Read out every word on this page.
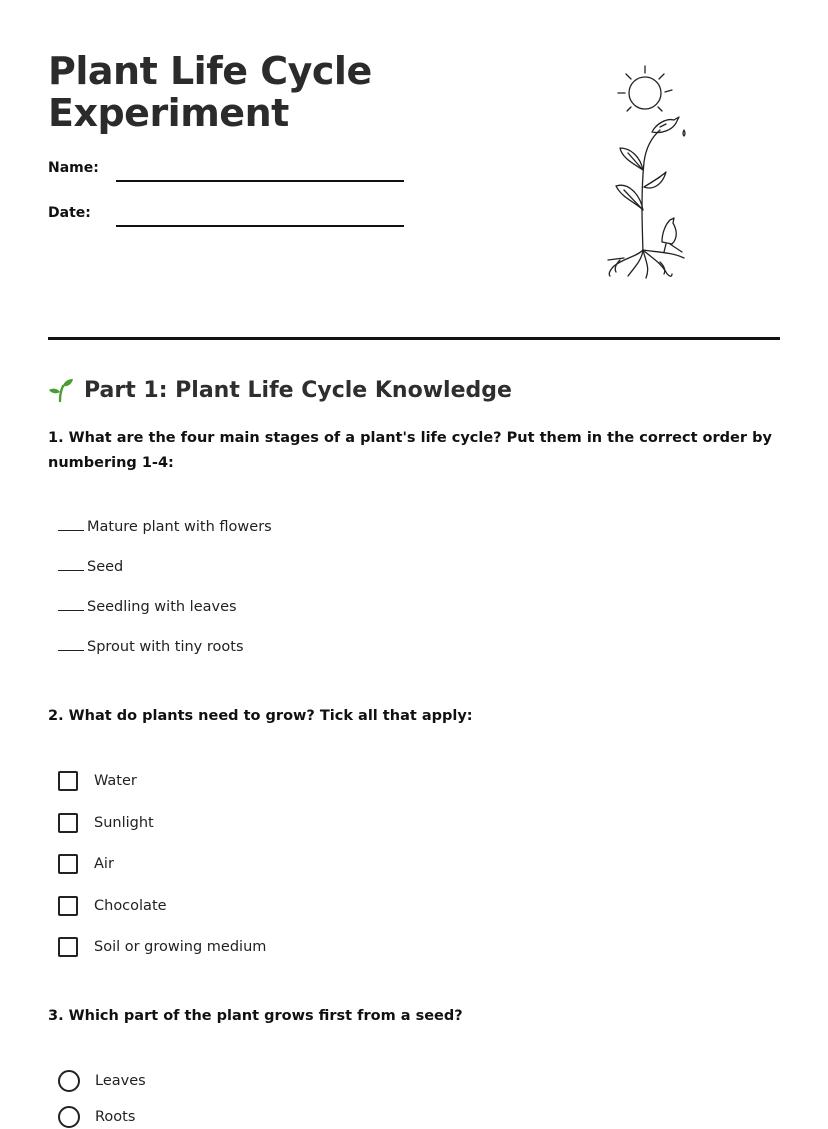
Plant Life Cycle Experiment
Name:
Date:
Part 1: Plant Life Cycle Knowledge

1. What are the four main stages of a plant's life cycle? Put them in the correct order by numbering 1-4:

Mature plant with flowers
Seed
Seedling with leaves
Sprout with tiny roots

2. What do plants need to grow? Tick all that apply:

Water
Sunlight
Air
Chocolate
Soil or growing medium

3. Which part of the plant grows first from a seed?

Leaves
Roots
